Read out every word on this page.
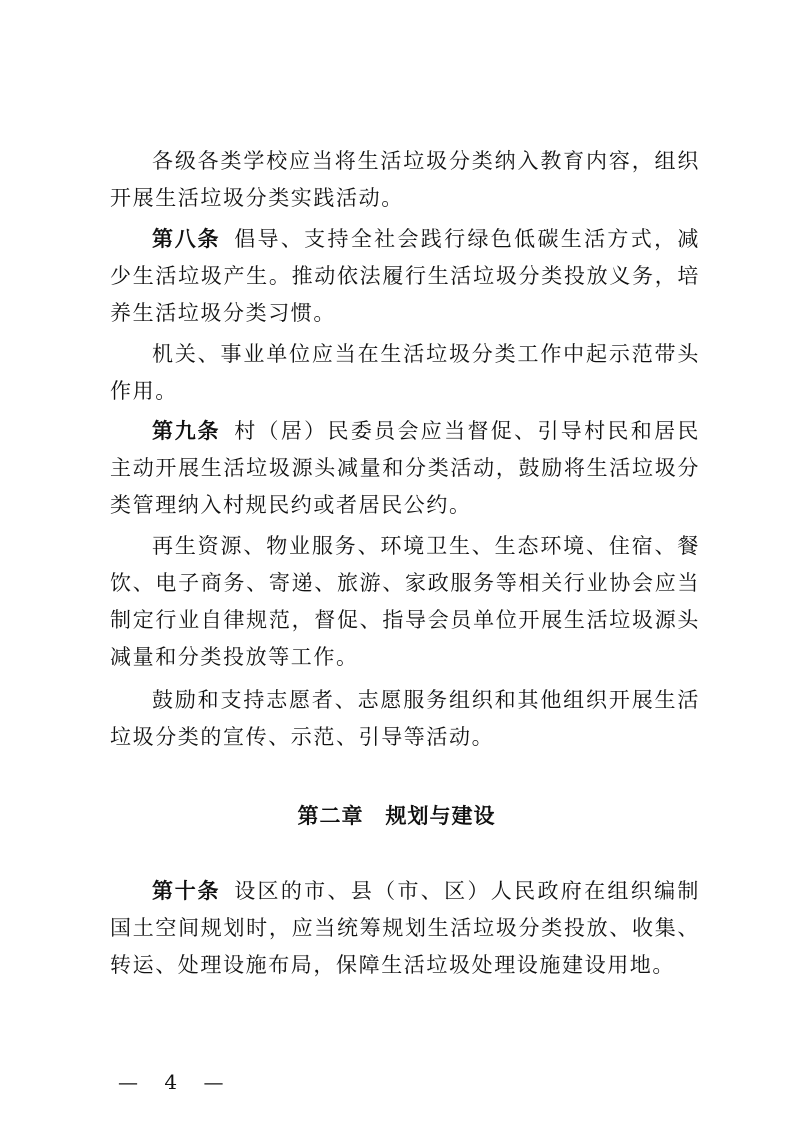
各级各类学校应当将生活垃圾分类纳入教育内容，组织开展生活垃圾分类实践活动。

第八条 倡导、支持全社会践行绿色低碳生活方式，减少生活垃圾产生。推动依法履行生活垃圾分类投放义务，培养生活垃圾分类习惯。

机关、事业单位应当在生活垃圾分类工作中起示范带头作用。

第九条 村（居）民委员会应当督促、引导村民和居民主动开展生活垃圾源头减量和分类活动，鼓励将生活垃圾分类管理纳入村规民约或者居民公约。

再生资源、物业服务、环境卫生、生态环境、住宿、餐饮、电子商务、寄递、旅游、家政服务等相关行业协会应当制定行业自律规范，督促、指导会员单位开展生活垃圾源头减量和分类投放等工作。

鼓励和支持志愿者、志愿服务组织和其他组织开展生活垃圾分类的宣传、示范、引导等活动。

第二章 规划与建设

第十条 设区的市、县（市、区）人民政府在组织编制国土空间规划时，应当统筹规划生活垃圾分类投放、收集、转运、处理设施布局，保障生活垃圾处理设施建设用地。

— 4 —
